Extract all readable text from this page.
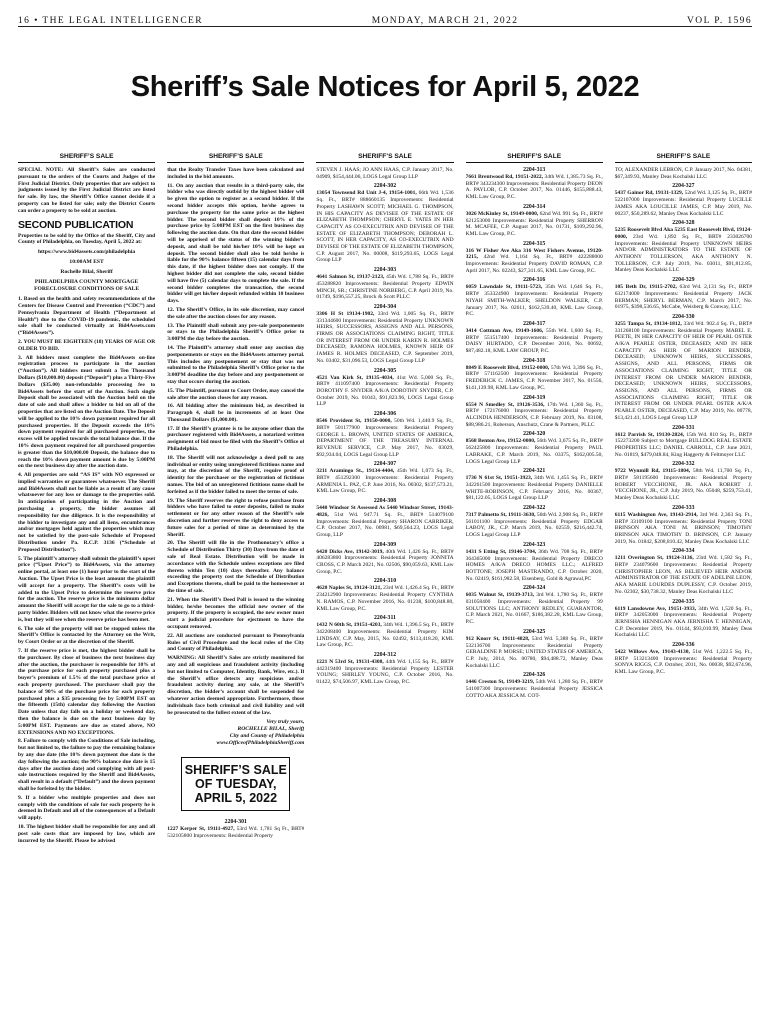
16 • THE LEGAL INTELLIGENCER	MONDAY, MARCH 21, 2022	VOL P. 1596
Sheriff’s Sale Notices for April 5, 2022
SHERIFF’S SALE

SPECIAL NOTE: All Sheriff’s Sales are conducted pursuant to the orders of the Courts and Judges of the First Judicial District. Only properties that are subject to judgments issued by the First Judicial District are listed for sale. By law, the Sheriff’s Office cannot decide if a property can be listed for sale; only the District Courts can order a property to be sold at auction.

SECOND PUBLICATION

Properties to be sold by the Office of the Sheriff, City and County of Philadelphia, on Tuesday, April 5, 2022 at:

https://www.bid4assets.com/philadelphia
10:00AM EST
Rochelle Bilal, Sheriff
PHILADELPHIA COUNTY MORTGAGE FORECLOSURE CONDITIONS OF SALE

1. Based on the health and safety recommendations of the Centers for Disease Control and Prevention (“CDC”) and Pennsylvania Department of Health (“Department of Health”) due to the COVID-19 pandemic, the scheduled sale shall be conducted virtually at Bid4Assets.com (“Bid4Assets”).

2. YOU MUST BE EIGHTEEN (18) YEARS OF AGE OR OLDER TO BID.

3. All bidders must complete the Bid4Assets on-line registration process to participate in the auction (“Auction”). All bidders must submit a Ten Thousand Dollars ($10,000.00) deposit (“Deposit”) plus a Thirty-Five Dollars ($35.00) non-refundable processing fee to Bid4Assets before the start of the Auction. Such single Deposit shall be associated with the Auction held on the date of sale and shall allow a bidder to bid on all of the properties that are listed on the Auction Date. The Deposit will be applied to the 10% down payment required for all purchased properties. If the Deposit exceeds the 10% down payment required for all purchased properties, the excess will be applied towards the total balance due. If the 10% down payment required for all purchased properties is greater than the $10,000.00 Deposit, the balance due to reach the 10% down payment amount is due by 5:00PM on the next business day after the auction date.

4. All properties are sold “AS IS” with NO expressed or implied warranties or guarantees whatsoever. The Sheriff and Bid4Assets shall not be liable as a result of any cause whatsoever for any loss or damage to the properties sold. In anticipation of participating in the Auction and purchasing a property, the bidder assumes all responsibility for due diligence. It is the responsibility of the bidder to investigate any and all liens, encumbrances and/or mortgages held against the properties which may not be satisfied by the post-sale Schedule of Proposed Distribution under Pa. R.C.P. 3136 (“Schedule of Proposed Distribution”).

5. The plaintiff’s attorney shall submit the plaintiff’s upset price (“Upset Price”) to Bid4Assets, via the attorney online portal, at least one (1) hour prior to the start of the Auction. The Upset Price is the least amount the plaintiff will accept for a property. The Sheriff’s costs will be added to the Upset Price to determine the reserve price for the auction. The reserve price is the minimum dollar amount the Sheriff will accept for the sale to go to a third-party bidder. Bidders will not know what the reserve price is, but they will see when the reserve price has been met.

6. The sale of the property will not be stopped unless the Sheriff’s Office is contacted by the Attorney on the Writ, by Court Order or at the discretion of the Sheriff.

7. If the reserve price is met, the highest bidder shall be the purchaser. By close of business the next business day after the auction, the purchaser is responsible for 10% of the purchase price for each property purchased plus a buyer’s premium of 1.5% of the total purchase price of each property purchased. The purchaser shall pay the balance of 90% of the purchase price for each property purchased plus a $35 processing fee by 5:00PM EST on the fifteenth (15th) calendar day following the Auction Date unless that day falls on a holiday or weekend day, then the balance is due on the next business day by 5:00PM EST. Payments are due as stated above, NO EXTENSIONS AND NO EXCEPTIONS.

8. Failure to comply with the Conditions of Sale including, but not limited to, the failure to pay the remaining balance by any due date (the 10% down payment due date is the day following the auction; the 90% balance due date is 15 days after the auction date) and complying with all post-sale instructions required by the Sheriff and Bid4Assets, shall result in a default (“Default”) and the down payment shall be forfeited by the bidder.

9. If a bidder who multiple properties and does not comply with the conditions of sale for each property he is deemed in Default and all of the consequences of a Default will apply.

10. The highest bidder shall be responsible for any and all post sale costs that are imposed by law, which are incurred by the Sheriff. Please be advised

SHERIFF’S SALE

that the Realty Transfer Taxes have been calculated and included in the bid amounts.

11. On any auction that results in a third-party sale, the bidder who was directly outbid by the highest bidder will be given the option to register as a second bidder. If the second bidder accepts this option, he/she agrees to purchase the property for the same price as the highest bidder. The second bidder shall deposit 10% of the purchase price by 5:00PM EST on the first business day following the auction date. On that date the second bidder will be apprised of the status of the winning bidder’s deposit, and shall be told his/her 10% will be kept on deposit. The second bidder shall also be told he/she is liable for the 90% balance fifteen (15) calendar days from this date, if the highest bidder does not comply. If the highest bidder did not complete the sale, second bidder will have five (5) calendar days to complete the sale. If the second bidder completes the transaction, the second bidder will get his/her deposit refunded within 10 business days.

12. The Sheriff’s Office, in its sole discretion, may cancel the sale after the auction closes for any reason.

13. The Plaintiff shall submit any pre-sale postponements or stays to the Philadelphia Sheriff’s Office prior to 3:00PM the day before the auction.

14. The Plaintiff’s attorney shall enter any auction day postponements or stays on the Bid4Assets attorney portal. This includes any postponement or stay that was not submitted to the Philadelphia Sheriff’s Office prior to the 3:00PM deadline the day before and any postponement or stay that occurs during the auction.

15. The Plaintiff, pursuant to Court Order, may cancel the sale after the auction closes for any reason.

16. All bidding after the minimum bid, as described in Paragraph 4, shall be in increments of at least One Thousand Dollars ($1,000.00).

17. If the Sheriff’s grantee is to be anyone other than the purchaser registered with Bid4Assets, a notarized written assignment of bid must be filed with the Sheriff’s Office of Philadelphia.

18. The Sheriff will not acknowledge a deed poll to any individual or entity using unregistered fictitious name and may, at the discretion of the Sheriff, require proof of identity for the purchaser or the registration of fictitious names. The bid of an unregistered fictitious name shall be forfeited as if the bidder failed to meet the terms of sale.

19. The Sheriff reserves the right to refuse purchase from bidders who have failed to enter deposits, failed to make settlement or for any other reason of the Sheriff’s sole discretion and further reserves the right to deny access to future sales for a period of time as determined by the Sheriff.

20. The Sheriff will file in the Prothonotary’s office a Schedule of Distribution Thirty (30) Days from the date of sale of Real Estate. Distribution will be made in accordance with the Schedule unless exceptions are filed thereto within Ten (10) days thereafter. Any balance exceeding the property cost the Schedule of Distribution and Exceptions thereto, shall be paid to the homeowner at the time of sale.

21. When the Sheriff’s Deed Poll is issued to the winning bidder, he/she becomes the official new owner of the property. If the property is occupied, the new owner must start a judicial procedure for ejectment to have the occupant removed.

22. All auctions are conducted pursuant to Pennsylvania Rules of Civil Procedure and the local rules of the City and County of Philadelphia.

WARNING: All Sheriff’s Sales are strictly monitored for any and all suspicious and fraudulent activity (including but not limited to Computer, Identity, Bank, Wire, etc.). If the Sheriff’s office detects any suspicious and/or fraudulent activity during any sale, at the Sheriff’s discretion, the bidder’s account shall be suspended for whatever action deemed appropriate. Furthermore, those individuals face both criminal and civil liability and will be prosecuted to the fullest extent of the law.

Very truly yours,
ROCHELLE BILAL, Sheriff
City and County of Philadelphia
www.OfficeofPhiladelphiaSheriff.com
SHERIFF’S SALE
OF TUESDAY,
APRIL 5, 2022
2204-301
1227 Kerper St, 19111-4927, 53rd Wd. 1,781 Sq Ft., BRT# 532105800 Improvements: Residential Property
SHERIFF’S SALE
STEVEN J. HAAS; JO ANN HAAS, C.P. January 2017, No. 04909, $154,444.06, LOGS Legal Group LLP
2204-302
13054 Townsend Rd Unit J-4, 19154-1001, 66th Wd. 1,536 Sq. Ft., BRT# 888660135 Improvements: Residential Property LASHAWN SCOTT; MICHAEL G. THOMPSON, IN HIS CAPACITY AS DEVISEE OF THE ESTATE OF ELIZABETH THOMPSON; CHERYL E. YATES IN HER CAPACITY AS CO-EXECUTRIX AND DEVISEE OF THE ESTATE OF ELIZABETH THOMPSON; DEBORAH L. SCOTT, IN HER CAPACITY, AS CO-EXECUTRIX AND DEVISEE OF THE ESTATE OF ELIZABETH THOMPSON, C.P. August 2017, No. 00008, $119,293.65, LOGS Legal Group LLP
2204-303
4641 Salmon St, 19137-2123, 45th Wd. 1,788 Sq. Ft., BRT# 453288820 Improvements: Residential Property EDWIN MINCH, SR.; CHRISTINE NORBERG, C.P. April 2019, No. 01749, $196,557.25, Brock & Scott PLLC
2204-304
3306 H St 19134-1902, 33rd Wd. 1,005 Sq. Ft., BRT# 331344600 Improvements: Residential Property UNKNOWN HEIRS, SUCCESSORS, ASSIGNS AND ALL PERSONS, FIRMS OR ASSOCIATIONS CLAIMING RIGHT, TITLE OR INTEREST FROM OR UNDER KAREN R. HOLMES DECEASED; RAMONA HOLMES, KNOWN HEIR OF JAMES R. HOLMES DECEASED, C.P. September 2019, No. 03402, $31,096.53, LOGS Legal Group LLP
2204-305
4521 Van Kirk St, 19135-4034, 41st Wd. 5,000 Sq. Ft., BRT# 411097400 Improvements: Residential Property DOROTHY F. SNYDER A/K/A DOROTHY SNYDER, C.P. October 2019, No. 01043, $91,823.96, LOGS Legal Group LLP
2204-306
8546 Provident St, 19150-0000, 50th Wd. 1,440.9 Sq. Ft., BRT# 501177900 Improvements: Residential Property GEORGE L. BROWN, UNITED STATES OF AMERICA, DEPARTMENT OF THE TREASURY INTERNAL REVENUE SERVICE, C.P. May 2017, No. 03029, $92,934.04, LOGS Legal Group LLP
2204-307
3211 Aramingo St., 19134-4404, 45th Wd. 1,073 Sq. Ft., BRT# 451292300 Improvements: Residential Property ARMENIA L. PAZ, C.P. June 2016, No. 00302, $137,573.21, KML Law Group, P.C.
2204-308
5440 Windsor St Assessed As 5440 Windsor Street, 19143-4826, 51st Wd. 947.71 Sq. Ft., BRT# 514079100 Improvements: Residential Property SHARON CARRIKER, C.P. October 2017, No. 00981, $69,564.23, LOGS Legal Group, LLP
2204-309
6420 Dicks Ave, 19142-3019, 40th Wd. 1,426 Sq. Ft., BRT# 406283800 Improvements: Residential Property JONNITA CROSS, C.P. March 2021, No. 02506, $90,059.63, KML Law Group, P.C.
2204-310
4620 Naples St, 19124-3121, 23rd Wd. 1,426.4 Sq. Ft., BRT# 234212900 Improvements: Residential Property CYNTHIA N. RAMOS, C.P. November 2016, No. 01238, $100,848.80, KML Law Group, P.C.
2204-311
1432 N 60th St, 19151-4203, 34th Wd. 1,396.5 Sq. Ft., BRT# 342208400 Improvements: Residential Property KIM LINDSAY, C.P. May, 2015, No. 02492, $113,418.20, KML Law Group, P.C.
2204-312
1221 N 53rd St, 19131-4308, 44th Wd. 1,155 Sq. Ft., BRT# 442319400 Improvements: Residential Property LESTER YOUNG; SHIRLEY YOUNG, C.P. October 2016, No. 01422, $74,506.97, KML Law Group, P.C.
SHERIFF’S SALE
2204-313
7661 Brentwood Rd, 19151-2022, 34th Wd. 1,385.73 Sq. Ft., BRT# 343234300 Improvements: Residential Property DEON A. PAYLOR, C.P. October 2017, No. 01446, $155,888.43, KML Law Group, P.C.
2204-314
3026 McKinley St, 19149-0000, 62nd Wd. 991 Sq. Ft., BRT# 621253000 Improvements: Residential Property SHERRON M. MCAFEE, C.P. August 2017, No. 01731, $109,292.96, KML Law Group, P.C.
2204-315
316 W Fisher Ave Aka 316 West Fishers Avenue, 19120-3215, 42nd Wd. 1,164 Sq. Ft., BRT# 422288000 Improvements: Residential Property DAVID ROMAN, C.P. April 2017, No. 02243, $27,311.65, KML Law Group, P.C.
2204-316
6059 Lawndale St, 19111-5723, 35th Wd. 1,646 Sq. Ft., BRT# 353324900 Improvements: Residential Property NIYAH SMITH-WALKER; SHELDON WALKER, C.P. January 2017, No. 02611, $162,539.40, KML Law Group, P.C.
2204-317
3414 Cottman Ave, 19149-1606, 55th Wd. 1,600 Sq. Ft., BRT# 551517400 Improvements: Residential Property DAISY HURTADO, C.P. December 2016, No. 00692, $87,482.18, KML LAW GROUP, P.C.
2204-318
8849 E Roosevelt Blvd, 19152-0000, 57th Wd. 3,396 Sq. Ft., BRT# 571162500 Improvements: Residential Property FREDERICK C. JAMES, C.P. November 2017, No. 01556, $141,139.98, KML Law Group, PC.
2204-319
6554 N Smedley St, 19126-3536, 17th Wd. 1,360 Sq. Ft., BRT# 172176000 Improvements: Residential Property ALCINDIA HENDERSON, C.P. February 2019, No. 03108, $88,986.21, Roberson, Anschutz, Crane & Partners, PLLC
2204-320
8568 Benton Ave, 19152-0000, 56th Wd. 3,675 Sq. Ft., BRT# 562425800 Improvements: Residential Property PAUL LABRAKE, C.P. March 2019, No. 03375, $162,005.50, LOGS Legal Group LLP
2204-321
1736 N 61st St, 19151-3923, 34th Wd. 1,455 Sq. Ft., BRT# 342261500 Improvements: Residential Property DANIELLE WHITE-ROBINSON, C.P. February 2016, No. 00367, $81,122.05, LOGS Legal Group LLP
2204-322
7317 Palmetto St, 19111-3630, 56th Wd. 2,908 Sq. Ft., BRT# 561011100 Improvements: Residential Property EDGAR LABOY, JR., C.P. March 2019, No. 02559, $216,442.74, LOGS Legal Group LLP
2204-323
1431 S Etting St, 19146-3704, 36th Wd. 708 Sq. Ft., BRT# 364365000 Improvements: Residential Property DRECO HOMES A/K/A DRECO HOMES LLC.; ALFRED BOTTONE; JOSEPH MASTRANDO, C.P. October 2020, No. 02419, $161,982.58, Eisenberg, Gold & Agrawal,PC
2204-324
6035 Walnut St, 19139-3713, 3rd Wd. 1,780 Sq. Ft., BRT# 031058400 Improvements: Residential Property 99 SOLUTIONS LLC; ANTHONY REDLEY, GUARANTOR, C.P. March 2021, No. 01667, $186,382.28, KML Law Group, P.C.
2204-325
912 Knorr St, 19111-4828, 53rd Wd. 5,388 Sq. Ft., BRT# 532136700 Improvements: Residential Property GERALDINE P. MORSE; UNITED STATES OF AMERICA, C.P. July, 2014, No. 00780, $94,488.72, Manley Deas Kochalski LLC
2204-326
1446 Creston St, 19149-3219, 54th Wd. 1,280 Sq. Ft., BRT# 541007300 Improvements: Residential Property JESSICA COTTO AKA JESSICA M. COT-
SHERIFF’S SALE
TO; ALEXANDER LEBRON, C.P. January 2017, No. 04381, $67,349.93, Manley Deas Kochalski LLC
2204-327
5437 Gainor Rd, 19131-1329, 52nd Wd. 3,125 Sq. Ft., BRT# 522107000 Improvements: Residential Property LUCILLE JAMES AKA LOUCILLE JAMES, C.P. May 2019, No. 00237, $50,289.62, Manley Deas Kochalski LLC
2204-328
5235 Roosevelt Blvd Aka 5235 East Roosevelt Blvd, 19124-0000, 23rd Wd. 1,892 Sq. Ft., BRT# 233026700 Improvements: Residential Property UNKNOWN HEIRS AND/OR ADMINISTRATORS TO THE ESTATE OF ANTHONY TOLLERSON, AKA ANTHONY N. TOLLERSON, C.P. July 2019, No. 03011, $91,812.85, Manley Deas Kochalski LLC
2204-329
105 Beth Dr, 19115-2702, 63rd Wd. 2,131 Sq. Ft., BRT# 632174000 Improvements: Residential Property JACK BERMAN; SHERYL BERMAN, C.P. March 2017, No. 01975, $398,536.65, McCabe, Weisberg & Conway, LLC
2204-330
3255 Tampa St, 19134-1812, 33rd Wd. 902.4 Sq. Ft., BRT# 331268100 Improvements: Residential Property MABEL E. PEETE, IN HER CAPACITY OF HEIR OF PEARL OSTER A/K/A PEARLE OSTER, DECEASED; AND IN HER CAPACITY AS HEIR OF MARION BENDER, DECEASED; UNKNOWN HEIRS, SUCCESSORS, ASSIGNS, AND ALL PERSONS, FIRMS OR ASSOCIATIONS CLAIMING RIGHT, TITLE OR INTEREST FROM OR UNDER MARION BENDER, DECEASED; UNKNOWN HEIRS, SUCCESSORS, ASSIGNS, AND ALL PERSONS, FIRMS OR ASSOCIATIONS CLAIMING RIGHT, TITLE OR INTEREST FROM OR UNDER PEARL OSTER A/K/A PEARLE OSTER, DECEASED, C.P. May 2019, No. 00778, $13,421.41, LOGS Legal Group LLP
2204-331
1612 Parrish St, 19130-2824, 15th Wd. 810 Sq. Ft., BRT# 152273200 Subject to Mortgage BULLDOG REAL ESTATE PROPERTIES LLC; DANIEL CARROLL, C.P. June 2021, No. 01819, $479,048.84, King Haggerty & Feltmoyer LLC
2204-332
9722 Wynmill Rd, 19115-1804, 58th Wd. 11,700 Sq. Ft., BRT# 581195600 Improvements: Residential Property ROBERT VECCHIONE, JR. AKA ROBERT J. VECCHIONE, JR., C.P. July 2019, No. 05048, $259,753.41, Manley Deas Kochalski LLC
2204-333
6115 Washington Ave, 19143-2914, 3rd Wd. 2,363 Sq. Ft., BRT# 33109100 Improvements: Residential Property TONI BRINSON AKA TONI M. BRINSON; TIMOTHY BRINSON AKA TIMOTHY D. BRINSON, C.P. January 2019, No. 01842, $208,810.42, Manley Deas Kochalski LLC
2204-334
1211 Overington St, 19124-3136, 23rd Wd. 1,582 Sq. Ft., BRT# 234079600 Improvements: Residential Property CHRISTOPHER LEON, AS BELIEVED HEIR AND/OR ADMINISTRATOR OF THE ESTATE OF ADELINE LEON, AKA MARIE LOURDES DUPLESSY, C.P. October 2019, No. 02302, $30,738.32, Manley Deas Kochalski LLC
2204-335
6119 Lansdowne Ave, 19151-3933, 34th Wd. 1,520 Sq. Ft., BRT# 342053000 Improvements: Residential Property JERNISHA HENNIGAN AKA JERNISHA T. HENNIGAN, C.P. December 2019, No. 01144, $93,010.99, Manley Deas Kochalski LLC
2204-336
5422 Willows Ave, 19143-4130, 51st Wd. 1,222.5 Sq. Ft., BRT# 513213400 Improvements: Residential Property SONYA RIGGS, C.P. October, 2011, No. 00038, $92,674.96, KML Law Group, P.C.
